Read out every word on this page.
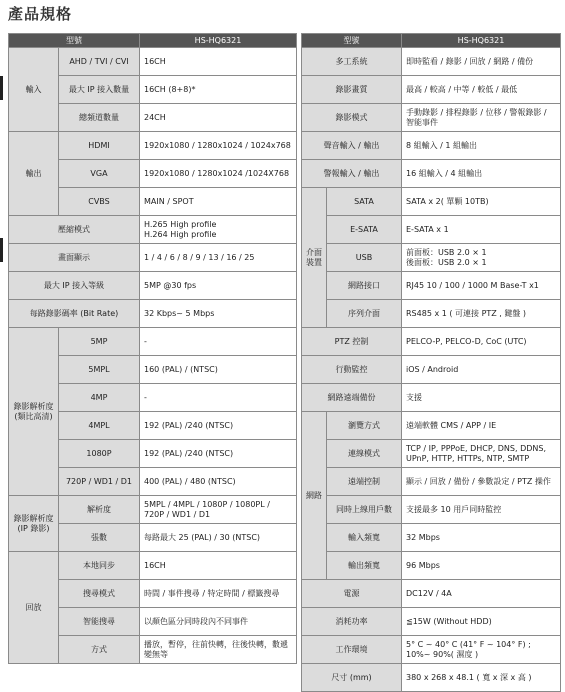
產品規格
型號		HS-HQ6321
輸入	AHD / TVI / CVI	16CH
	最大 IP 接入數量	16CH (8+8)*
	總頻道數量	24CH
輸出	HDMI	1920x1080 / 1280x1024 / 1024x768
	VGA	1920x1080 / 1280x1024 /1024X768
	CVBS	MAIN / SPOT
壓縮模式		H.265 High profile
H.264 High profile

畫面顯示		1 / 4 / 6 / 8 / 9 / 13 / 16 / 25
最大 IP 接入等級		5MP @30 fps
每路錄影碼率 (Bit Rate)		32 Kbps~ 5 Mbps
錄影解析度 (類比高清)	5MP	-
	5MPL	160 (PAL) / (NTSC)
	4MP	-
	4MPL	192 (PAL) /240 (NTSC)
	1080P	192 (PAL) /240 (NTSC)
	720P / WD1 / D1	400 (PAL) / 480 (NTSC)
錄影解析度 (IP 錄影)	解析度	5MPL / 4MPL / 1080P / 1080PL / 720P / WD1 / D1
	張數	每路最大 25 (PAL) / 30 (NTSC)
回放	本地同步	16CH
	搜尋模式	時間 / 事件搜尋 / 特定時間 / 標籤搜尋
	智能搜尋	以顏色區分同時段內不同事件
	方式	播放，暫停，往前快轉，往後快轉，數遞變無等
型號		HS-HQ6321
多工系統		即時監看 / 錄影 / 回放 / 網路 / 備份
錄影畫質		最高 / 較高 / 中等 / 較低 / 最低
錄影模式		手動錄影 / 排程錄影 / 位移 / 警報錄影 / 智能事件
聲音輸入 / 輸出		8 組輸入 / 1 組輸出
警報輸入 / 輸出		16 組輸入 / 4 組輸出
介面裝置	SATA	SATA x 2( 單顆 10TB)
	E-SATA	E-SATA x 1
	USB	前面板：USB 2.0 × 1
後面板：USB 2.0 × 1

	網路接口	RJ45 10 / 100 / 1000 M Base-T x1
	序列介面	RS485 x 1 ( 可連接 PTZ , 鍵盤 )
PTZ 控制		PELCO-P, PELCO-D, CoC (UTC)
行動監控		iOS / Android
網路遠端備份		支援
網路	瀏覽方式	遠端軟體 CMS / APP / IE
	連線模式	TCP / IP, PPPoE, DHCP, DNS, DDNS, UPnP, HTTP, HTTPs, NTP, SMTP
	遠端控制	顯示 / 回放 / 備份 / 參數設定 / PTZ 操作
	同時上線用戶數	支援最多 10 用戶同時監控
	輸入頻寬	32 Mbps
	輸出頻寬	96 Mbps
電源		DC12V / 4A
消耗功率		≦15W (Without HDD)
工作環境		5° C ~ 40° C (41° F ~ 104° F) ;
10%~ 90%( 濕度 )

尺寸 (mm)		380 x 268 x 48.1 ( 寬 x 深 x 高 )
